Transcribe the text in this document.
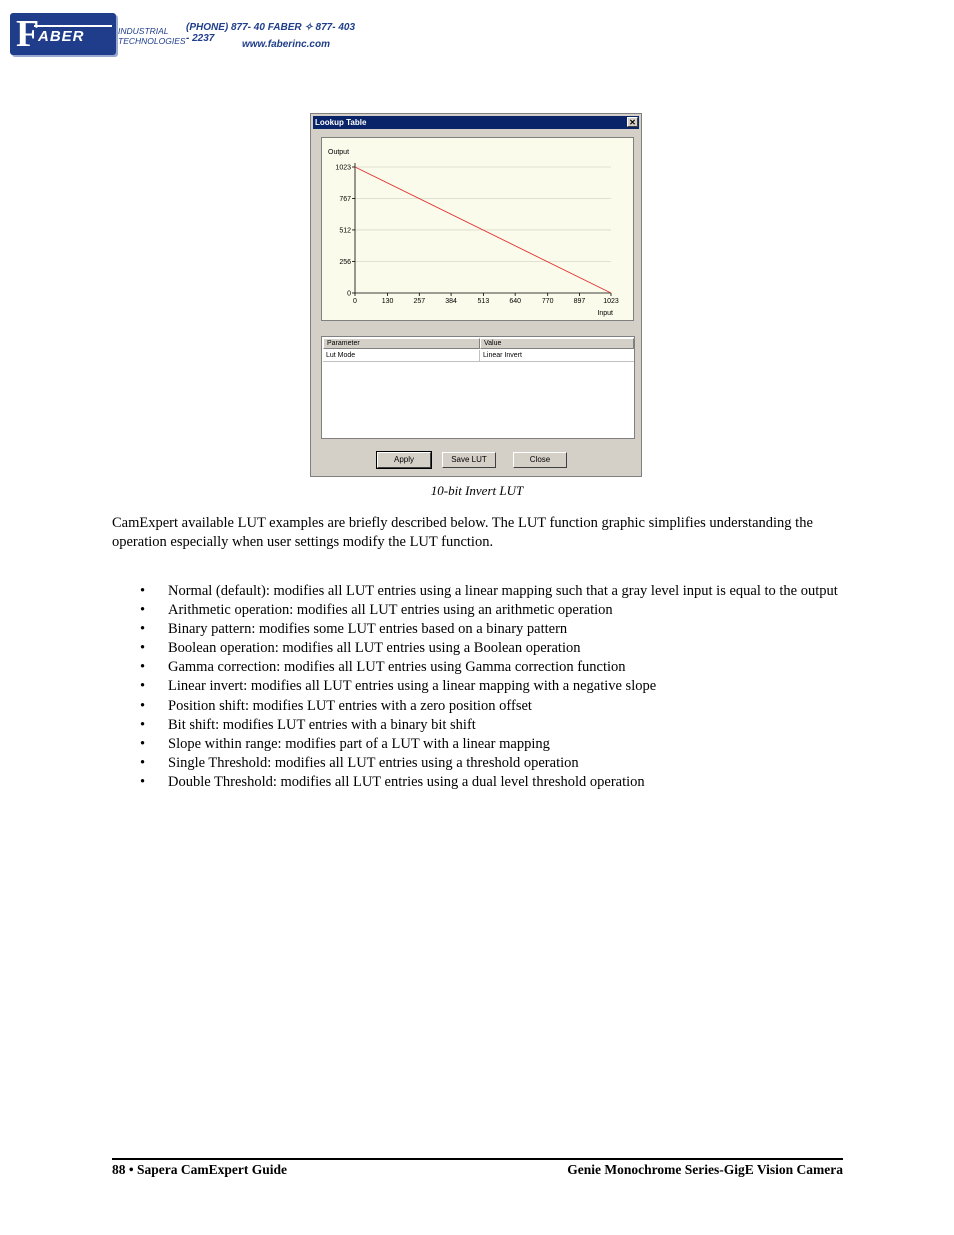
F
ABER	INDUSTRIAL
TECHNOLOGIES
(PHONE) 877- 40 FABER ✧ 877- 403 - 2237
www.faberinc.com
Lookup Table	✕
0
256
512
767
1023
0	130	257	384	513	640	770	897	1023
Output
Input
Parameter	Value
Lut Mode	Linear Invert
Apply	Save LUT	Close
10-bit Invert LUT
CamExpert available LUT examples are briefly described below. The LUT function graphic simplifies understanding the operation especially when user settings modify the LUT function.
• Normal (default): modifies all LUT entries using a linear mapping such that a gray level input is equal to the output
• Arithmetic operation: modifies all LUT entries using an arithmetic operation
• Binary pattern: modifies some LUT entries based on a binary pattern
• Boolean operation: modifies all LUT entries using a Boolean operation
• Gamma correction: modifies all LUT entries using Gamma correction function
• Linear invert: modifies all LUT entries using a linear mapping with a negative slope
• Position shift: modifies LUT entries with a zero position offset
• Bit shift: modifies LUT entries with a binary bit shift
• Slope within range: modifies part of a LUT with a linear mapping
• Single Threshold: modifies all LUT entries using a threshold operation
• Double Threshold: modifies all LUT entries using a dual level threshold operation
88 • Sapera CamExpert Guide	Genie Monochrome Series-GigE Vision Camera
